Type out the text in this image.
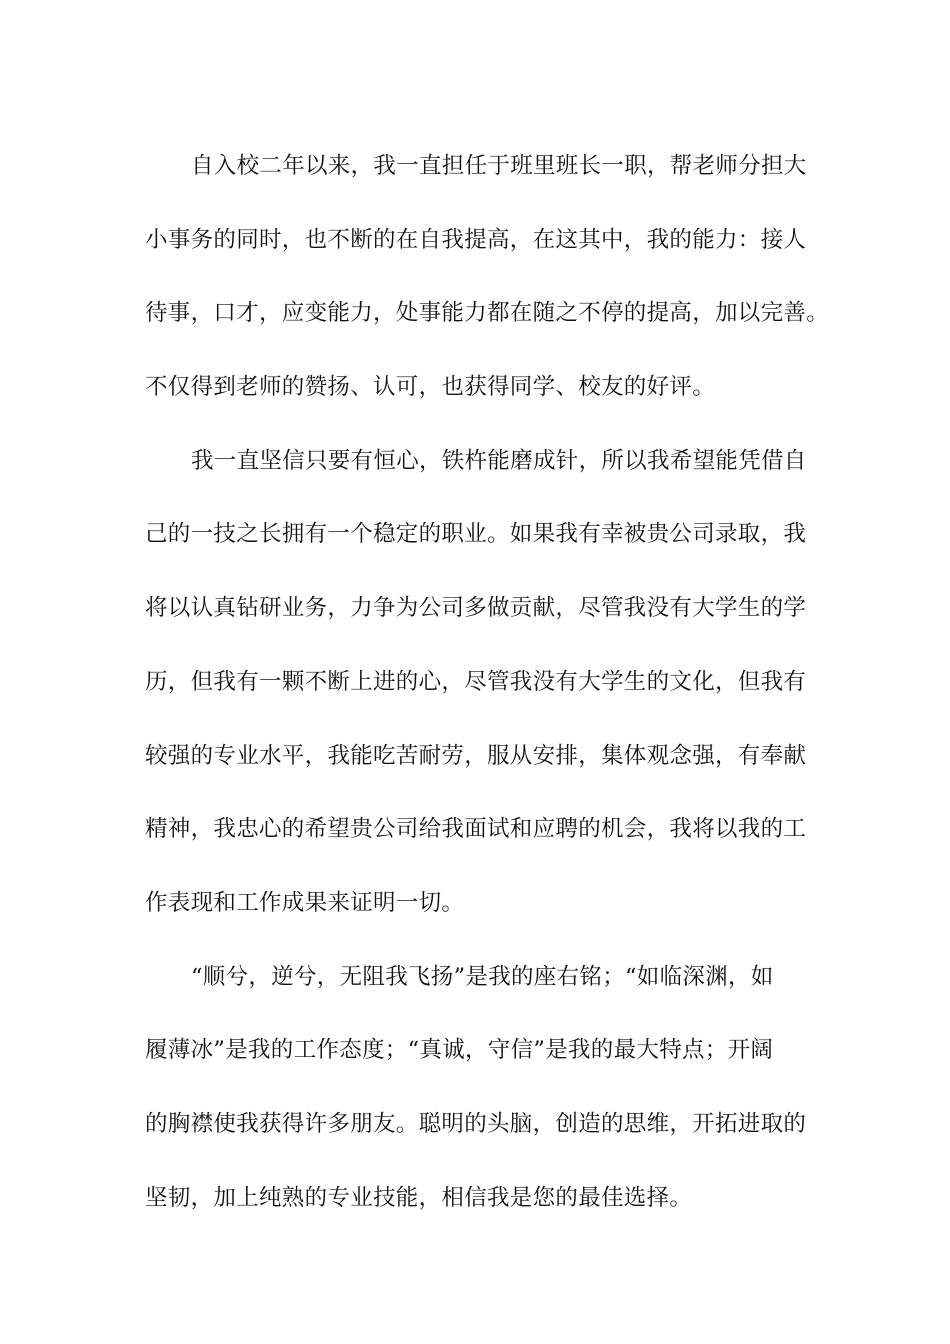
自入校二年以来，我一直担任于班里班长一职，帮老师分担大
小事务的同时，也不断的在自我提高，在这其中，我的能力：接人
待事，口才，应变能力，处事能力都在随之不停的提高，加以完善。
不仅得到老师的赞扬、认可，也获得同学、校友的好评。
我一直坚信只要有恒心，铁杵能磨成针，所以我希望能凭借自
己的一技之长拥有一个稳定的职业。如果我有幸被贵公司录取，我
将以认真钻研业务，力争为公司多做贡献，尽管我没有大学生的学
历，但我有一颗不断上进的心，尽管我没有大学生的文化，但我有
较强的专业水平，我能吃苦耐劳，服从安排，集体观念强，有奉献
精神，我忠心的希望贵公司给我面试和应聘的机会，我将以我的工
作表现和工作成果来证明一切。
“顺兮，逆兮，无阻我飞扬”是我的座右铭；“如临深渊，如
履薄冰”是我的工作态度；“真诚，守信”是我的最大特点；开阔
的胸襟使我获得许多朋友。聪明的头脑，创造的思维，开拓进取的
坚韧，加上纯熟的专业技能，相信我是您的最佳选择。
